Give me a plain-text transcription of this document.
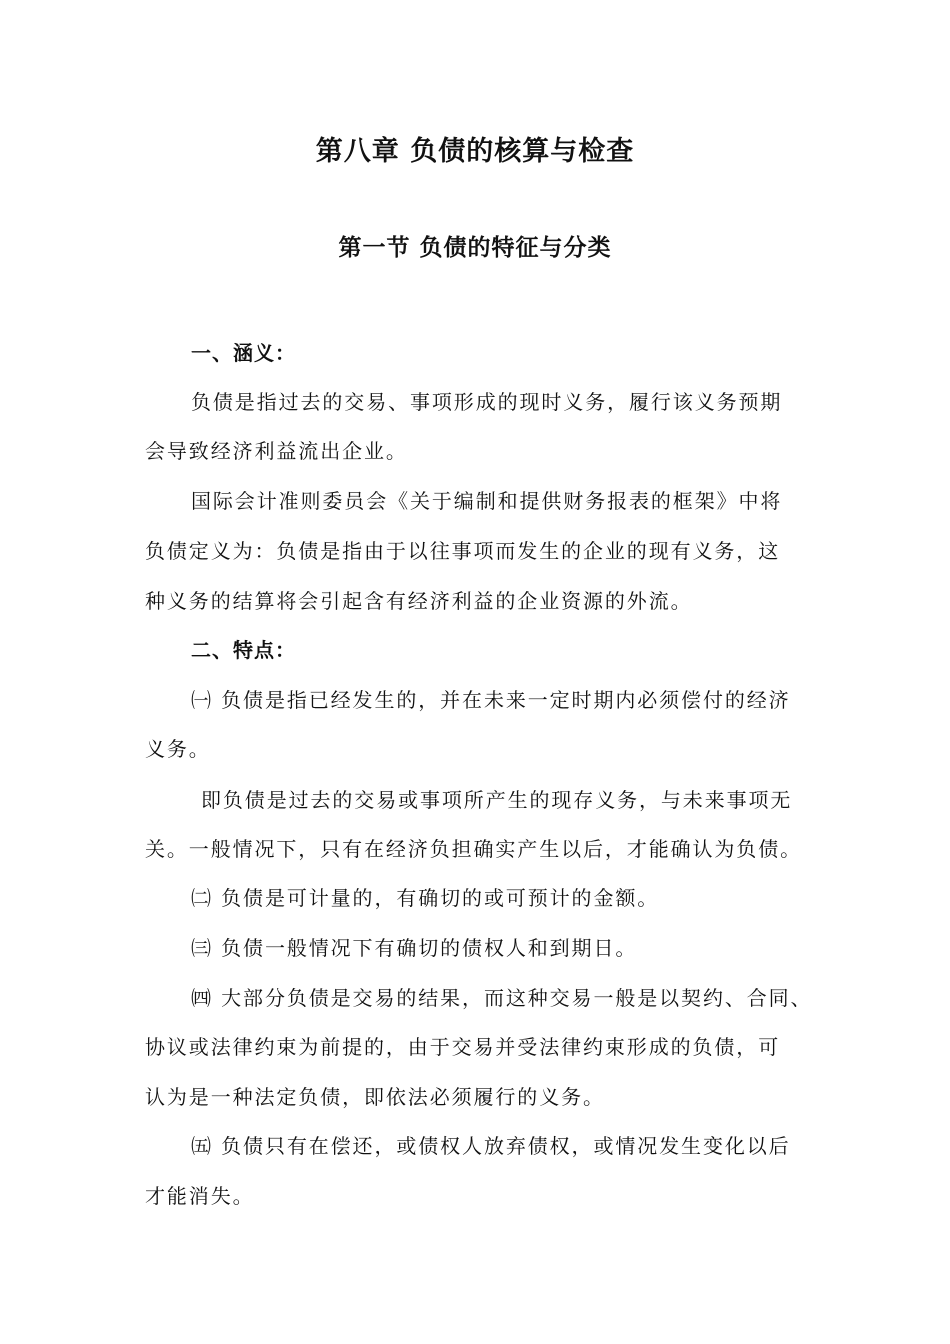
第八章 负债的核算与检查
第一节 负债的特征与分类
一、涵义：
负债是指过去的交易、事项形成的现时义务，履行该义务预期
会导致经济利益流出企业。
国际会计准则委员会《关于编制和提供财务报表的框架》中将
负债定义为：负债是指由于以往事项而发生的企业的现有义务，这
种义务的结算将会引起含有经济利益的企业资源的外流。
二、特点：
㈠ 负债是指已经发生的，并在未来一定时期内必须偿付的经济
义务。
即负债是过去的交易或事项所产生的现存义务，与未来事项无
关。一般情况下，只有在经济负担确实产生以后，才能确认为负债。
㈡ 负债是可计量的，有确切的或可预计的金额。
㈢ 负债一般情况下有确切的债权人和到期日。
㈣ 大部分负债是交易的结果，而这种交易一般是以契约、合同、
协议或法律约束为前提的，由于交易并受法律约束形成的负债，可
认为是一种法定负债，即依法必须履行的义务。
㈤ 负债只有在偿还，或债权人放弃债权，或情况发生变化以后
才能消失。
